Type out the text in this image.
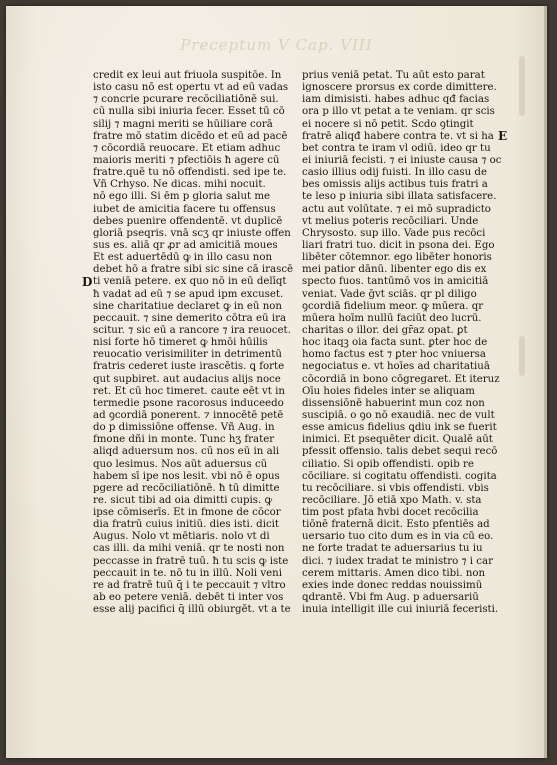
Preceptum V Cap. VIII
D
E
credit ex leui aut friuola suspitōe. In
isto casu nō est opertu vt ad eū vadas
⁊ concrie pcurare recōciliatiōnē sui.
cū nulla sibi iniuria fecer. Esset tū cō
silij ⁊ magni meriti se hūiliare corā
fratre mō statim dicēdo et eū ad pacē
⁊ cōcordiā reuocare. Et etiam adhuc
maioris meriti ⁊ pfectiōis ħ agere cū
fratre.quē tu nō offendisti. sed ipe te.
Vñ Crhyso. Ne dicas. mihi nocuit.
nō ego illi. Si ēm p gloria salut me
iubet de amicitia facere tu offensus
debes puenire offendentē. vt duplicē
gloriā pseqris. vnā scʒ qr iniuste offen
sus es. aliā qr ꝓr ad amicitiā moues
Et est aduertēdū ꝙ in illo casu non
debet hō a fratre sibi sic sine cā irascē
ti veniā petere. ex quo nō in eū delīqt
ħ vadat ad eū ⁊ se apud ipm excuset.
sine charitatiue declaret ꝙ in eū non
peccauit. ⁊ sine demerito cōtra eū ira
scitur. ⁊ sic eū a rancore ⁊ ira reuocet.
nisi forte hō timeret ꝙ hmōi hūilis
reuocatio verisimiliter in detrimentū
fratris cederet iuste irascētis. ꝗ forte
qut supbiret. aut audacius alijs noce
ret. Et cū hoc timeret. caute eēt vt in
termedie psone racorosus induceedo
ad ꝯcordiā ponerent. ⁊ innocētē petē
do p dimissiōne offense. Vñ Aug. in
fmone dñi in monte. Tunc hʒ frater
aliqd aduersum nos. cū nos eū in ali
quo lesimus. Nos aūt aduersus cū
habem sī ipe nos lesit. vbi nō ē opus
pgere ad recōciliatiōnē. ħ tū dimitte
re. sicut tibi ad oia dimitti cupis. ꝙ
ipse cōmiserīs. Et in fmone de cōcor
dia fratrū cuius initiū. dies isti. dicit
Augus. Nolo vt mētiaris. nolo vt di
cas illi. da mihi veniā. qr te nosti non
peccasse in fratrē tuū. ħ tu scis ꝙ iste
peccauit in te. nō tu in illū. Noli veni
re ad fratrē tuū q̄ i te peccauit ⁊ vltro
ab eo petere veniā. debēt ti inter vos
esse alij pacifici q̄ illū obiurgēt. vt a te
prius veniā petat. Tu aūt esto parat
ignoscere prorsus ex corde dimittere.
iam dimisisti. habes adhuc qđ facias
ora p illo vt petat a te veniam. qr scis
ei nocere si nō petit. Scdo ꝯtingit
fratrē aliqđ habere contra te. vt si ha
bet contra te iram vl odiū. ideo qr tu
ei iniuriā fecisti. ⁊ ei iniuste causa ⁊ oc
casio illius odij fuisti. In illo casu de
bes omissis alijs actibus tuis fratri a
te leso p iniuria sibi illata satisfacere.
actu aut volūtate. ⁊ ei mō supradicto
vt melius poteris recōciliari. Unde
Chrysosto. sup illo. Vade pus recōci
liari fratri tuo. dicit in psona dei. Ego
libēter cōtemnor. ego libēter honoris
mei patior dānū. libenter ego dis ex
specto fuos. tantūmō vos in amicitiā
veniat. Vade ḡvt sciās. qr pl diligo
ꝯcordiā fidelium meor. ꝙ mūera. qr
mūera hoīm nullū faciūt deo lucrū.
charitas o illor. dei gr̄az opat. ꝑt
hoc itaqꝫ oia facta sunt. ꝑter hoc de
homo factus est ⁊ ꝑter hoc vniuersa
negociatus e. vt hoīes ad charitatiuā
cōcordiā in bono cōgregaret. Et iteruz
Oīu hoies fideles inter se aliquam
dissensiōnē habuerint mun coz non
suscipiā. o ꝯo nō exaudiā. nec de vult
esse amicus fidelius ꝗdiu ink se fuerit
inimici. Et psequēter dicit. Qualē aūt
pfessit offensio. talis debet sequi recō
ciliatio. Si opib offendisti. opib re
cōciliare. si cogitatu offendisti. cogita
tu recōciliare. si vbis offendisti. vbis
recōciliare. Jō etiā xpo Math. v. sta
tim post pfata ħvbi docet recōcilia
tiōnē fraternā dicit. Esto pfentiēs ad
uersario tuo cito dum es in via cū eo.
ne forte tradat te aduersarius tu iu
dici. ⁊ iudex tradat te ministro ⁊ i car
cerem mittaris. Amen dico tibi. non
exies inde donec reddas nouissimū
ꝗdrantē. Vbi fm Aug. p aduersariū
inuia intelligit ille cui iniuriā feceristi.
